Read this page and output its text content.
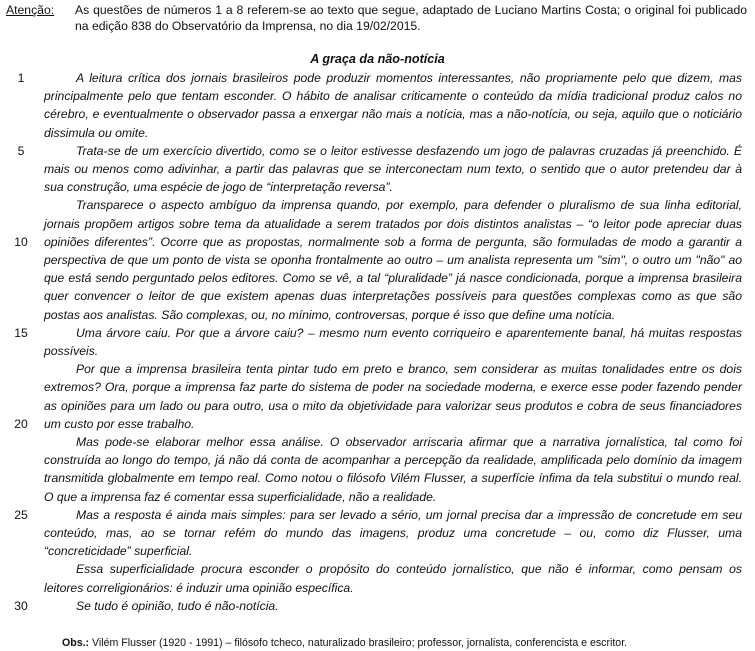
Atenção: As questões de números 1 a 8 referem-se ao texto que segue, adaptado de Luciano Martins Costa; o original foi publicado na edição 838 do Observatório da Imprensa, no dia 19/02/2015.
A graça da não-notícia
A leitura crítica dos jornais brasileiros pode produzir momentos interessantes, não propriamente pelo que dizem, mas
principalmente pelo que tentam esconder. O hábito de analisar criticamente o conteúdo da mídia tradicional produz calos no
cérebro, e eventualmente o observador passa a enxergar não mais a notícia, mas a não-notícia, ou seja, aquilo que o noticiário
dissimula ou omite.
Trata-se de um exercício divertido, como se o leitor estivesse desfazendo um jogo de palavras cruzadas já preenchido. É
mais ou menos como adivinhar, a partir das palavras que se interconectam num texto, o sentido que o autor pretendeu dar à
sua construção, uma espécie de jogo de “interpretação reversa”.
Transparece o aspecto ambíguo da imprensa quando, por exemplo, para defender o pluralismo de sua linha editorial,
jornais propõem artigos sobre tema da atualidade a serem tratados por dois distintos analistas – “o leitor pode apreciar duas
opiniões diferentes”. Ocorre que as propostas, normalmente sob a forma de pergunta, são formuladas de modo a garantir a
perspectiva de que um ponto de vista se oponha frontalmente ao outro – um analista representa um "sim", o outro um "não" ao
que está sendo perguntado pelos editores. Como se vê, a tal “pluralidade” já nasce condicionada, porque a imprensa brasileira
quer convencer o leitor de que existem apenas duas interpretações possíveis para questões complexas como as que são
postas aos analistas. São complexas, ou, no mínimo, controversas, porque é isso que define uma notícia.
Uma árvore caiu. Por que a árvore caiu? – mesmo num evento corriqueiro e aparentemente banal, há muitas respostas
possíveis.
Por que a imprensa brasileira tenta pintar tudo em preto e branco, sem considerar as muitas tonalidades entre os dois
extremos? Ora, porque a imprensa faz parte do sistema de poder na sociedade moderna, e exerce esse poder fazendo pender
as opiniões para um lado ou para outro, usa o mito da objetividade para valorizar seus produtos e cobra de seus financiadores
um custo por esse trabalho.
Mas pode-se elaborar melhor essa análise. O observador arriscaria afirmar que a narrativa jornalística, tal como foi
construída ao longo do tempo, já não dá conta de acompanhar a percepção da realidade, amplificada pelo domínio da imagem
transmitida globalmente em tempo real. Como notou o filósofo Vilém Flusser, a superfície ínfima da tela substitui o mundo real.
O que a imprensa faz é comentar essa superficialidade, não a realidade.
Mas a resposta é ainda mais simples: para ser levado a sério, um jornal precisa dar a impressão de concretude em seu
conteúdo, mas, ao se tornar refém do mundo das imagens, produz uma concretude – ou, como diz Flusser, uma
“concreticidade” superficial.
Essa superficialidade procura esconder o propósito do conteúdo jornalístico, que não é informar, como pensam os
leitores correligionários: é induzir uma opinião específica.
Se tudo é opinião, tudo é não-notícia.
1
5
10
15
20
25
30
Obs.: Vilém Flusser (1920 - 1991) – filósofo tcheco, naturalizado brasileiro; professor, jornalista, conferencista e escritor.
